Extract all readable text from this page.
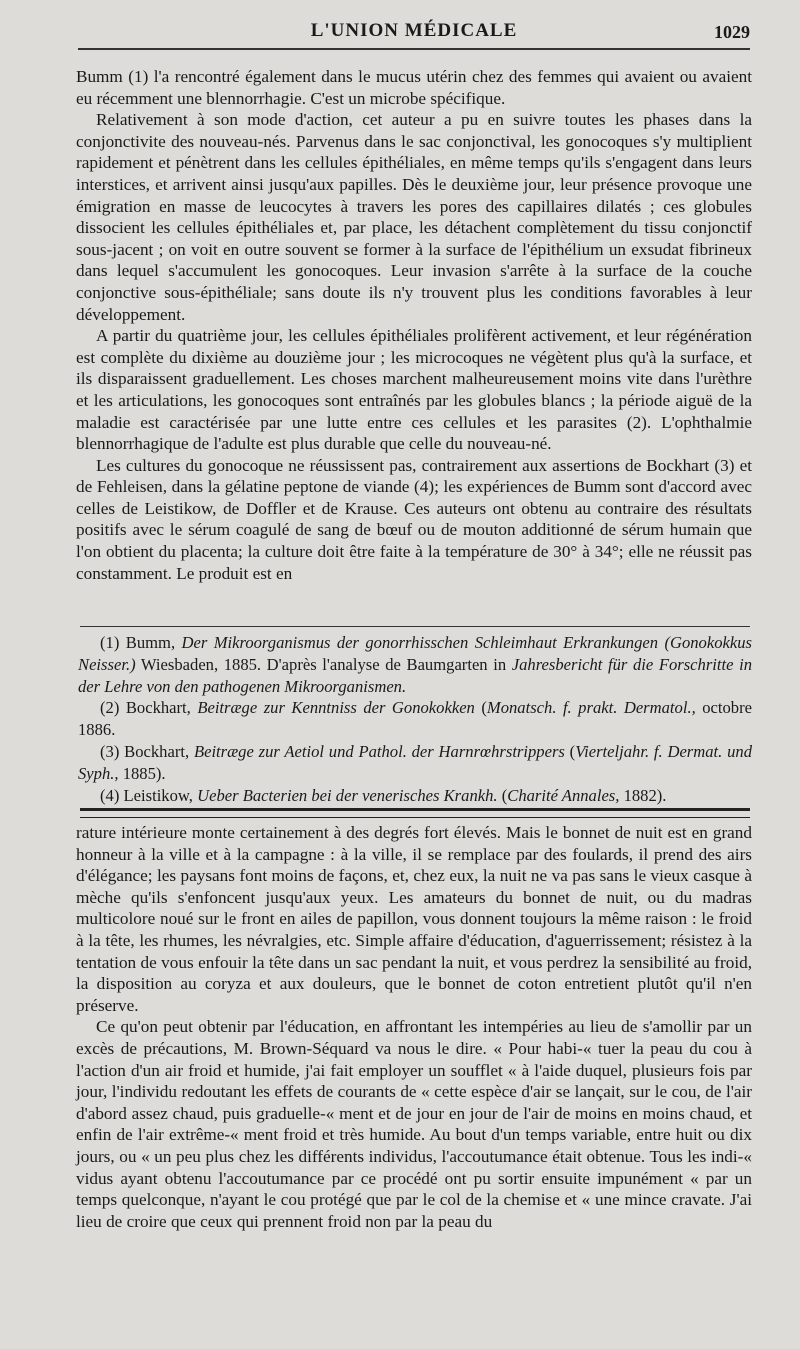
L'UNION MÉDICALE	1029

Bumm (1) l'a rencontré également dans le mucus utérin chez des femmes qui avaient ou avaient eu récemment une blennorrhagie. C'est un microbe spécifique.

Relativement à son mode d'action, cet auteur a pu en suivre toutes les phases dans la conjonctivite des nouveau-nés. Parvenus dans le sac conjonctival, les gonocoques s'y multiplient rapidement et pénètrent dans les cellules épithéliales, en même temps qu'ils s'engagent dans leurs interstices, et arrivent ainsi jusqu'aux papilles. Dès le deuxième jour, leur présence provoque une émigration en masse de leucocytes à travers les pores des capillaires dilatés ; ces globules dissocient les cellules épithéliales et, par place, les détachent complètement du tissu conjonctif sous-jacent ; on voit en outre souvent se former à la surface de l'épithélium un exsudat fibrineux dans lequel s'accumulent les gonocoques. Leur invasion s'arrête à la surface de la couche conjonctive sous-épithéliale; sans doute ils n'y trouvent plus les conditions favorables à leur développement.

A partir du quatrième jour, les cellules épithéliales prolifèrent activement, et leur régénération est complète du dixième au douzième jour ; les microcoques ne végètent plus qu'à la surface, et ils disparaissent graduellement. Les choses marchent malheureusement moins vite dans l'urèthre et les articulations, les gonocoques sont entraînés par les globules blancs ; la période aiguë de la maladie est caractérisée par une lutte entre ces cellules et les parasites (2). L'ophthalmie blennorrhagique de l'adulte est plus durable que celle du nouveau-né.

Les cultures du gonocoque ne réussissent pas, contrairement aux assertions de Bockhart (3) et de Fehleisen, dans la gélatine peptone de viande (4); les expériences de Bumm sont d'accord avec celles de Leistikow, de Doffler et de Krause. Ces auteurs ont obtenu au contraire des résultats positifs avec le sérum coagulé de sang de bœuf ou de mouton additionné de sérum humain que l'on obtient du placenta; la culture doit être faite à la température de 30° à 34°; elle ne réussit pas constamment. Le produit est en

(1) Bumm, Der Mikroorganismus der gonorrhisschen Schleimhaut Erkrankungen (Gonokokkus Neisser.) Wiesbaden, 1885. D'après l'analyse de Baumgarten in Jahresbericht für die Forschritte in der Lehre von den pathogenen Mikroorganismen.

(2) Bockhart, Beitræge zur Kenntniss der Gonokokken (Monatsch. f. prakt. Dermatol., octobre 1886.

(3) Bockhart, Beitræge zur Aetiol und Pathol. der Harnrœhrstrippers (Vierteljahr. f. Dermat. und Syph., 1885).

(4) Leistikow, Ueber Bacterien bei der venerisches Krankh. (Charité Annales, 1882).

rature intérieure monte certainement à des degrés fort élevés. Mais le bonnet de nuit est en grand honneur à la ville et à la campagne : à la ville, il se remplace par des foulards, il prend des airs d'élégance; les paysans font moins de façons, et, chez eux, la nuit ne va pas sans le vieux casque à mèche qu'ils s'enfoncent jusqu'aux yeux. Les amateurs du bonnet de nuit, ou du madras multicolore noué sur le front en ailes de papillon, vous donnent toujours la même raison : le froid à la tête, les rhumes, les névralgies, etc. Simple affaire d'éducation, d'aguerrissement; résistez à la tentation de vous enfouir la tête dans un sac pendant la nuit, et vous perdrez la sensibilité au froid, la disposition au coryza et aux douleurs, que le bonnet de coton entretient plutôt qu'il n'en préserve.

Ce qu'on peut obtenir par l'éducation, en affrontant les intempéries au lieu de s'amollir par un excès de précautions, M. Brown-Séquard va nous le dire. « Pour habi-« tuer la peau du cou à l'action d'un air froid et humide, j'ai fait employer un soufflet « à l'aide duquel, plusieurs fois par jour, l'individu redoutant les effets de courants de « cette espèce d'air se lançait, sur le cou, de l'air d'abord assez chaud, puis graduelle-« ment et de jour en jour de l'air de moins en moins chaud, et enfin de l'air extrême-« ment froid et très humide. Au bout d'un temps variable, entre huit ou dix jours, ou « un peu plus chez les différents individus, l'accoutumance était obtenue. Tous les indi-« vidus ayant obtenu l'accoutumance par ce procédé ont pu sortir ensuite impunément « par un temps quelconque, n'ayant le cou protégé que par le col de la chemise et « une mince cravate. J'ai lieu de croire que ceux qui prennent froid non par la peau du
